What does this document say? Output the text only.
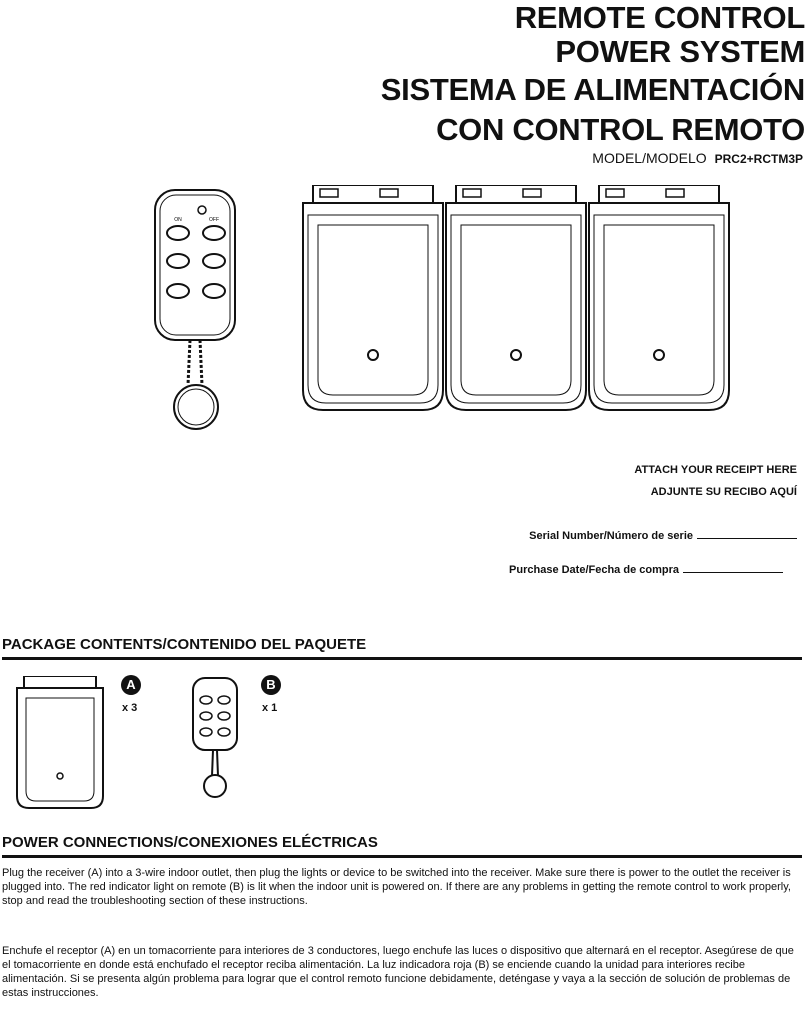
REMOTE CONTROL
POWER SYSTEM
SISTEMA DE ALIMENTACIÓN
CON CONTROL REMOTO
MODEL/MODELO PRC2+RCTM3P
ON	OFF
ATTACH YOUR RECEIPT HERE
ADJUNTE SU RECIBO AQUÍ
Serial Number/Número de serie
Purchase Date/Fecha de compra
PACKAGE CONTENTS/CONTENIDO DEL PAQUETE
A
x 3
B
x 1
POWER CONNECTIONS/CONEXIONES ELÉCTRICAS
Plug the receiver (A) into a 3-wire indoor outlet, then plug the lights or device to be switched into the receiver. Make sure there is power to the outlet the receiver is plugged into. The red indicator light on remote (B) is lit when the indoor unit is powered on. If there are any problems in getting the remote control to work properly, stop and read the troubleshooting section of these instructions.
Enchufe el receptor (A) en un tomacorriente para interiores de 3 conductores, luego enchufe las luces o dispositivo que alternará en el receptor. Asegúrese de que el tomacorriente en donde está enchufado el receptor reciba alimentación. La luz indicadora roja (B) se enciende cuando la unidad para interiores recibe alimentación. Si se presenta algún problema para lograr que el control remoto funcione debidamente, deténgase y vaya a la sección de solución de problemas de estas instrucciones.
